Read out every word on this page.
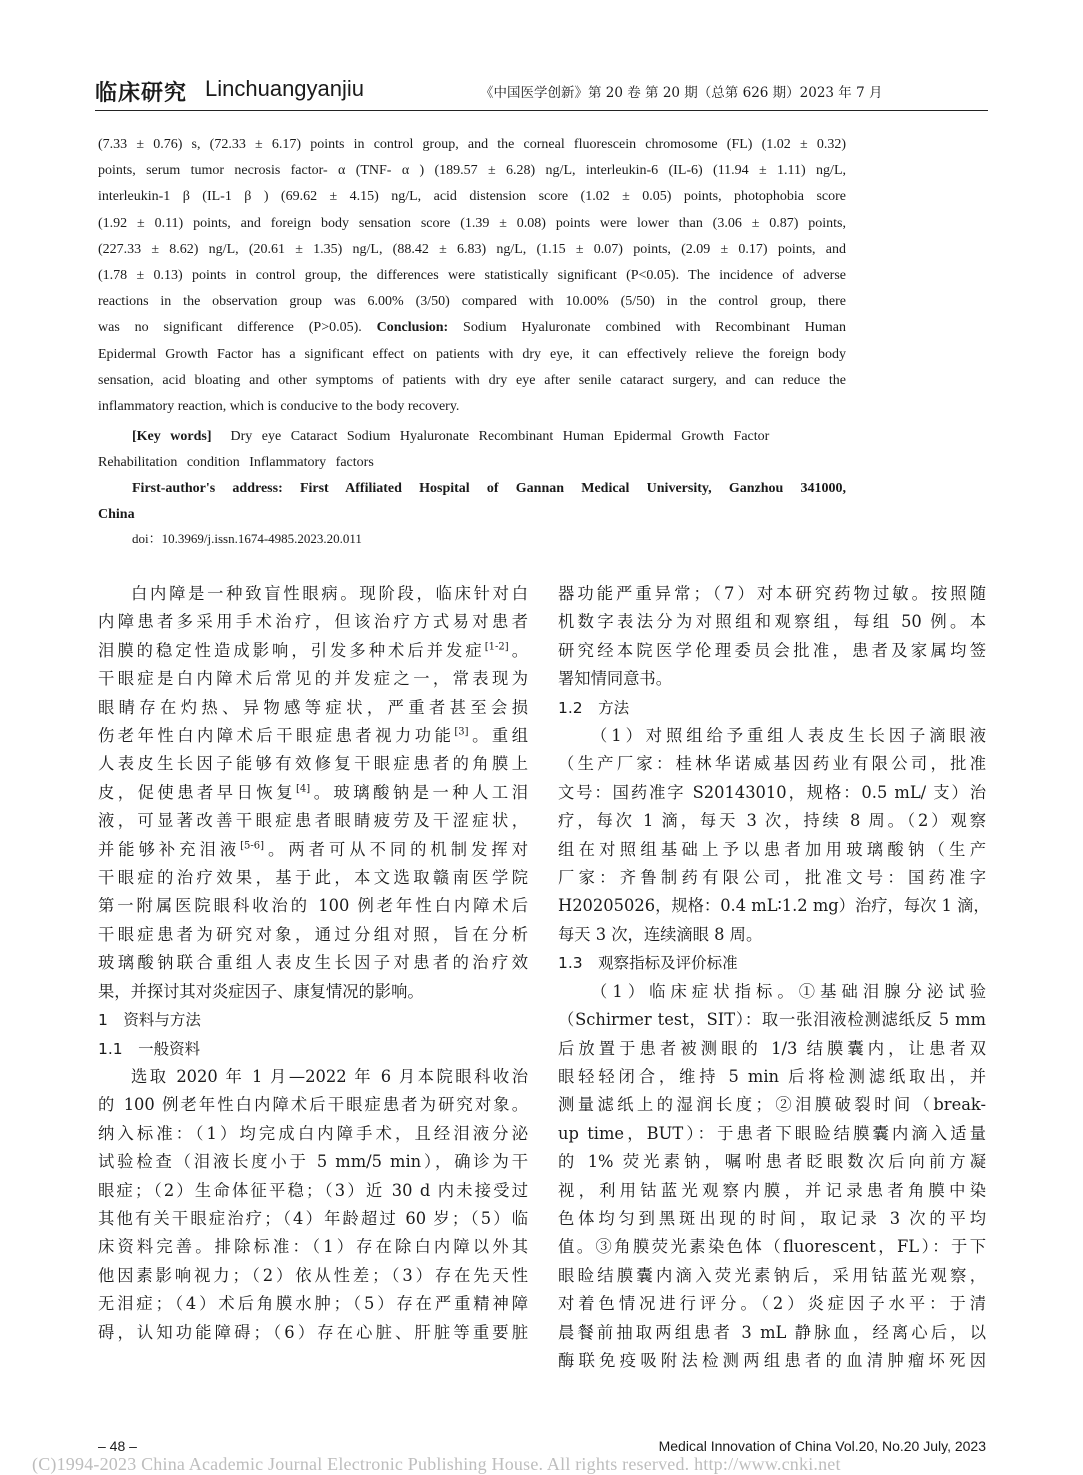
临床研究 Linchuangyanjiu	《中国医学创新》第 20 卷 第 20 期（总第 626 期）2023 年 7 月
(7.33 ± 0.76) s, (72.33 ± 6.17) points in control group, and the corneal fluorescein chromosome (FL) (1.02 ± 0.32)
points, serum tumor necrosis factor- α (TNF- α ) (189.57 ± 6.28) ng/L, interleukin-6 (IL-6) (11.94 ± 1.11) ng/L,
interleukin-1 β (IL-1 β ) (69.62 ± 4.15) ng/L, acid distension score (1.02 ± 0.05) points, photophobia score
(1.92 ± 0.11) points, and foreign body sensation score (1.39 ± 0.08) points were lower than (3.06 ± 0.87) points,
(227.33 ± 8.62) ng/L, (20.61 ± 1.35) ng/L, (88.42 ± 6.83) ng/L, (1.15 ± 0.07) points, (2.09 ± 0.17) points, and
(1.78 ± 0.13) points in control group, the differences were statistically significant (P<0.05). The incidence of adverse
reactions in the observation group was 6.00% (3/50) compared with 10.00% (5/50) in the control group, there
was no significant difference (P>0.05). Conclusion: Sodium Hyaluronate combined with Recombinant Human
Epidermal Growth Factor has a significant effect on patients with dry eye, it can effectively relieve the foreign body
sensation, acid bloating and other symptoms of patients with dry eye after senile cataract surgery, and can reduce the
inflammatory reaction, which is conducive to the body recovery.
[Key words] Dry eye Cataract Sodium Hyaluronate Recombinant Human Epidermal Growth Factor
Rehabilitation condition Inflammatory factors
First-author's address: First Affiliated Hospital of Gannan Medical University, Ganzhou 341000,
China
doi：10.3969/j.issn.1674-4985.2023.20.011
白内障是一种致盲性眼病。现阶段，临床针对白
内障患者多采用手术治疗，但该治疗方式易对患者
泪膜的稳定性造成影响，引发多种术后并发症[1-2]。
干眼症是白内障术后常见的并发症之一，常表现为
眼睛存在灼热、异物感等症状，严重者甚至会损
伤老年性白内障术后干眼症患者视力功能[3]。重组
人表皮生长因子能够有效修复干眼症患者的角膜上
皮，促使患者早日恢复[4]。玻璃酸钠是一种人工泪
液，可显著改善干眼症患者眼睛疲劳及干涩症状，
并能够补充泪液[5-6]。两者可从不同的机制发挥对
干眼症的治疗效果，基于此，本文选取赣南医学院
第一附属医院眼科收治的 100 例老年性白内障术后
干眼症患者为研究对象，通过分组对照，旨在分析
玻璃酸钠联合重组人表皮生长因子对患者的治疗效
果，并探讨其对炎症因子、康复情况的影响。
1　资料与方法
1.1　一般资料
选取 2020 年 1 月—2022 年 6 月本院眼科收治
的 100 例老年性白内障术后干眼症患者为研究对象。
纳入标准：（1）均完成白内障手术，且经泪液分泌
试验检查（泪液长度小于 5 mm/5 min），确诊为干
眼症；（2）生命体征平稳；（3）近 30 d 内未接受过
其他有关干眼症治疗；（4）年龄超过 60 岁；（5）临
床资料完善。排除标准：（1）存在除白内障以外其
他因素影响视力；（2）依从性差；（3）存在先天性
无泪症；（4）术后角膜水肿；（5）存在严重精神障
碍，认知功能障碍；（6）存在心脏、肝脏等重要脏
器功能严重异常；（7）对本研究药物过敏。按照随
机数字表法分为对照组和观察组，每组 50 例。本
研究经本院医学伦理委员会批准，患者及家属均签
署知情同意书。
1.2　方法
（1）对照组给予重组人表皮生长因子滴眼液
（生产厂家：桂林华诺威基因药业有限公司，批准
文号：国药准字 S20143010，规格：0.5 mL/ 支）治
疗，每次 1 滴，每天 3 次，持续 8 周。（2）观察
组在对照组基础上予以患者加用玻璃酸钠（生产
厂家：齐鲁制药有限公司，批准文号：国药准字
H20205026，规格：0.4 mL∶1.2 mg）治疗，每次 1 滴，
每天 3 次，连续滴眼 8 周。
1.3　观察指标及评价标准
（1）临床症状指标。①基础泪腺分泌试验
（Schirmer test，SIT）：取一张泪液检测滤纸反 5 mm
后放置于患者被测眼的 1/3 结膜囊内，让患者双
眼轻轻闭合，维持 5 min 后将检测滤纸取出，并
测量滤纸上的湿润长度；②泪膜破裂时间（break-
up time，BUT）：于患者下眼睑结膜囊内滴入适量
的 1% 荧光素钠，嘱咐患者眨眼数次后向前方凝
视，利用钴蓝光观察内膜，并记录患者角膜中染
色体均匀到黑斑出现的时间，取记录 3 次的平均
值。③角膜荧光素染色体（fluorescent，FL）：于下
眼睑结膜囊内滴入荧光素钠后，采用钴蓝光观察，
对着色情况进行评分。（2）炎症因子水平：于清
晨餐前抽取两组患者 3 mL 静脉血，经离心后，以
酶联免疫吸附法检测两组患者的血清肿瘤坏死因
– 48 –	Medical Innovation of China Vol.20, No.20 July, 2023
(C)1994-2023 China Academic Journal Electronic Publishing House. All rights reserved. http://www.cnki.net
